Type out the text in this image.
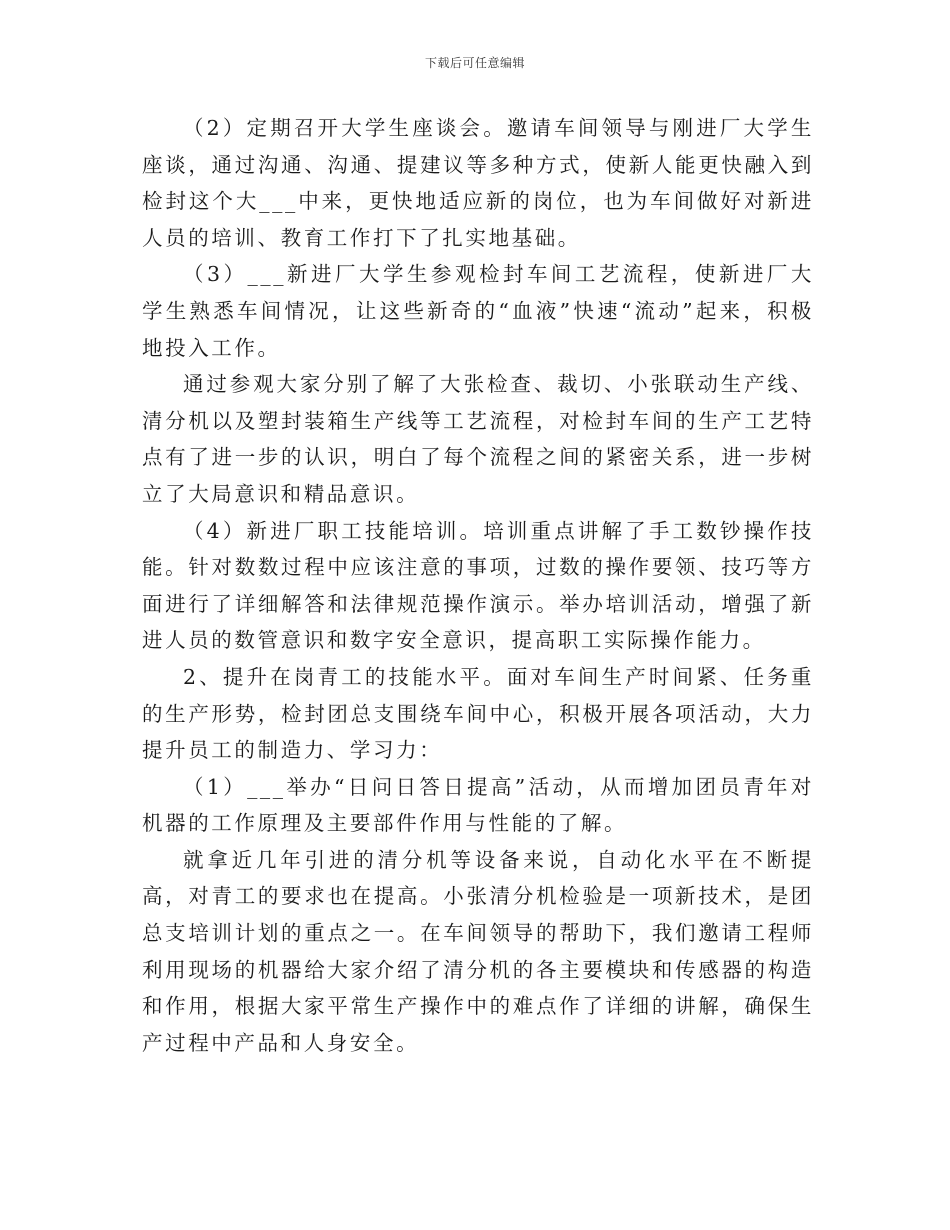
下载后可任意编辑

（2）定期召开大学生座谈会。邀请车间领导与刚进厂大学生座谈，通过沟通、沟通、提建议等多种方式，使新人能更快融入到检封这个大___中来，更快地适应新的岗位，也为车间做好对新进人员的培训、教育工作打下了扎实地基础。

（3）___新进厂大学生参观检封车间工艺流程，使新进厂大学生熟悉车间情况，让这些新奇的“血液”快速“流动”起来，积极地投入工作。

通过参观大家分别了解了大张检查、裁切、小张联动生产线、清分机以及塑封装箱生产线等工艺流程，对检封车间的生产工艺特点有了进一步的认识，明白了每个流程之间的紧密关系，进一步树立了大局意识和精品意识。

（4）新进厂职工技能培训。培训重点讲解了手工数钞操作技能。针对数数过程中应该注意的事项，过数的操作要领、技巧等方面进行了详细解答和法律规范操作演示。举办培训活动，增强了新进人员的数管意识和数字安全意识，提高职工实际操作能力。

2、提升在岗青工的技能水平。面对车间生产时间紧、任务重的生产形势，检封团总支围绕车间中心，积极开展各项活动，大力提升员工的制造力、学习力：

（1）___举办“日问日答日提高”活动，从而增加团员青年对机器的工作原理及主要部件作用与性能的了解。

就拿近几年引进的清分机等设备来说，自动化水平在不断提高，对青工的要求也在提高。小张清分机检验是一项新技术，是团总支培训计划的重点之一。在车间领导的帮助下，我们邀请工程师利用现场的机器给大家介绍了清分机的各主要模块和传感器的构造和作用，根据大家平常生产操作中的难点作了详细的讲解，确保生产过程中产品和人身安全。
